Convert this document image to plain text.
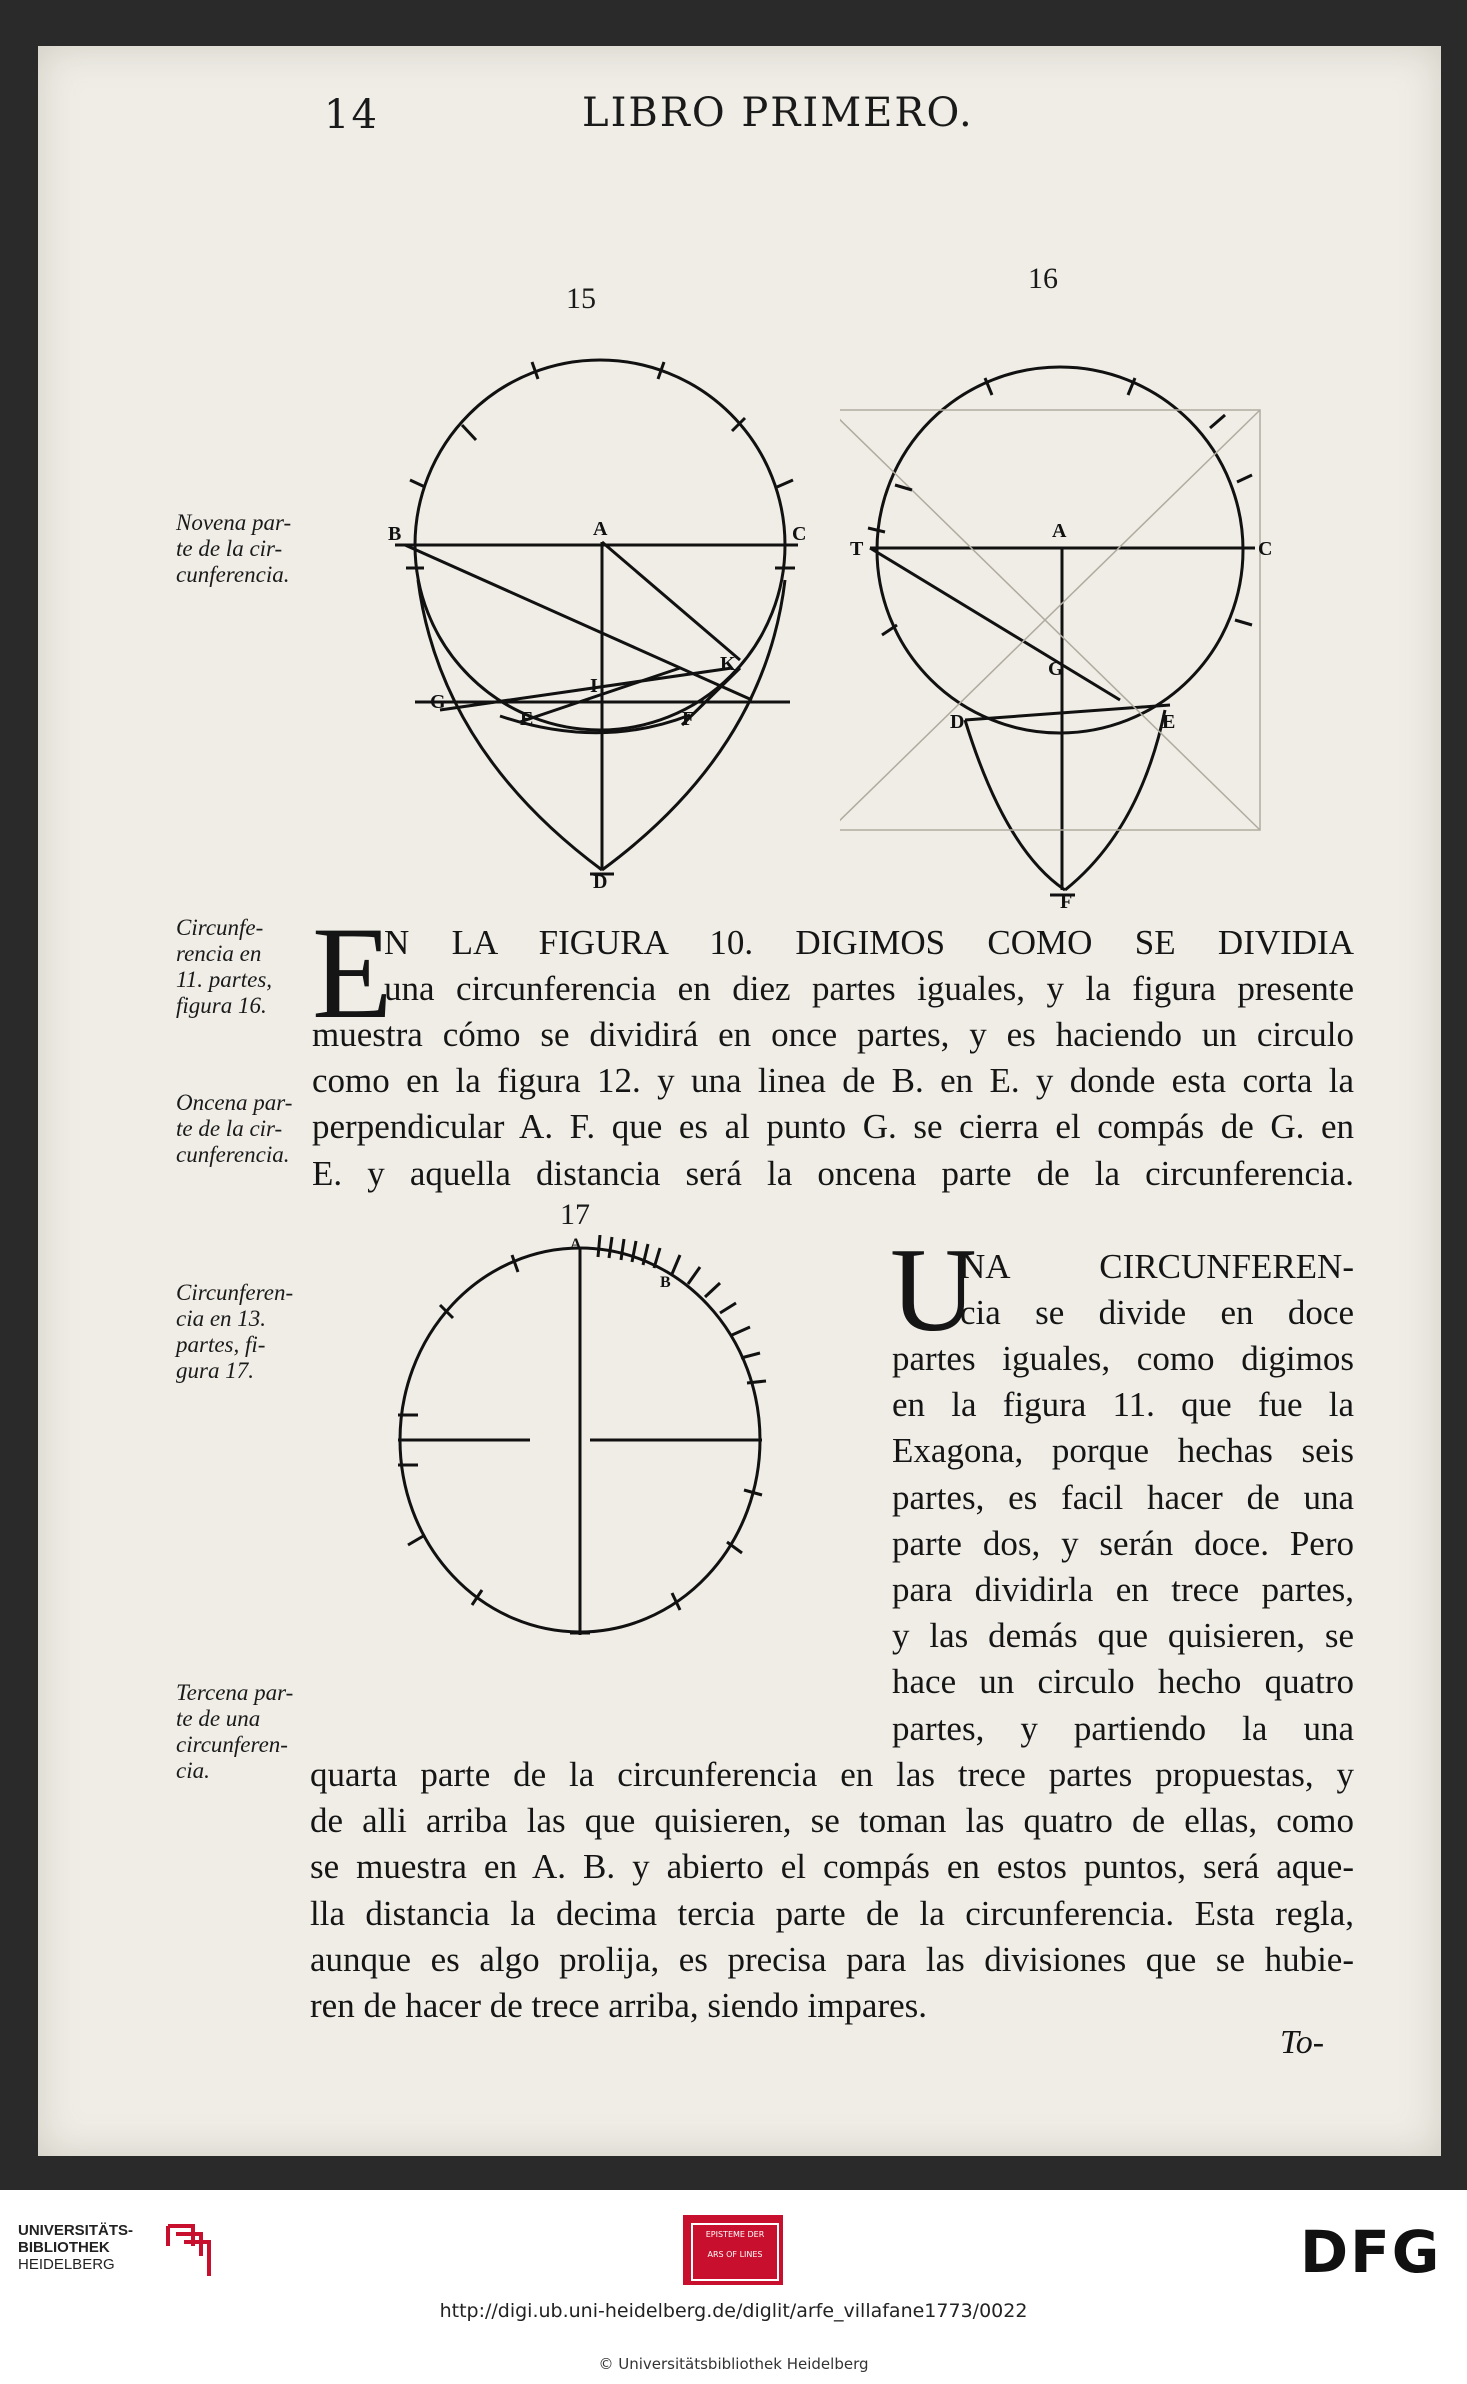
14	LIBRO PRIMERO.
15
16
17
A
B	C
E	F
G
I
K
D
A
T	C
G
D	E
F
A
B
Novena par-
te de la cir-
cunferencia.
Circunfe-
rencia en
11. partes,
figura 16.
Oncena par-
te de la cir-
cunferencia.
Circunferen-
cia en 13.
partes, fi-
gura 17.
Tercena par-
te de una
circunferen-
cia.
E
N LA FIGURA 10. DIGIMOS COMO SE DIVIDIA
una circunferencia en diez partes iguales, y la figura presente
muestra cómo se dividirá en once partes, y es haciendo un circulo
como en la figura 12. y una linea de B. en E. y donde esta corta la
perpendicular A. F. que es al punto G. se cierra el compás de G. en
E. y aquella distancia será la oncena parte de la circunferencia.
U
NA CIRCUNFEREN-
cia se divide en doce
partes iguales, como digimos
en la figura 11. que fue la
Exagona, porque hechas seis
partes, es facil hacer de una
parte dos, y serán doce. Pero
para dividirla en trece partes,
y las demás que quisieren, se
hace un circulo hecho quatro
partes, y partiendo la una
quarta parte de la circunferencia en las trece partes propuestas, y
de alli arriba las que quisieren, se toman las quatro de ellas, como
se muestra en A. B. y abierto el compás en estos puntos, será aque-
lla distancia la decima tercia parte de la circunferencia. Esta regla,
aunque es algo prolija, es precisa para las divisiones que se hubie-
ren de hacer de trece arriba, siendo impares.
To-
UNIVERSITÄTS-
BIBLIOTHEK
HEIDELBERG
EPISTEME DER
ARS OF LINES	DFG
http://digi.ub.uni-heidelberg.de/diglit/arfe_villafane1773/0022
© Universitätsbibliothek Heidelberg
